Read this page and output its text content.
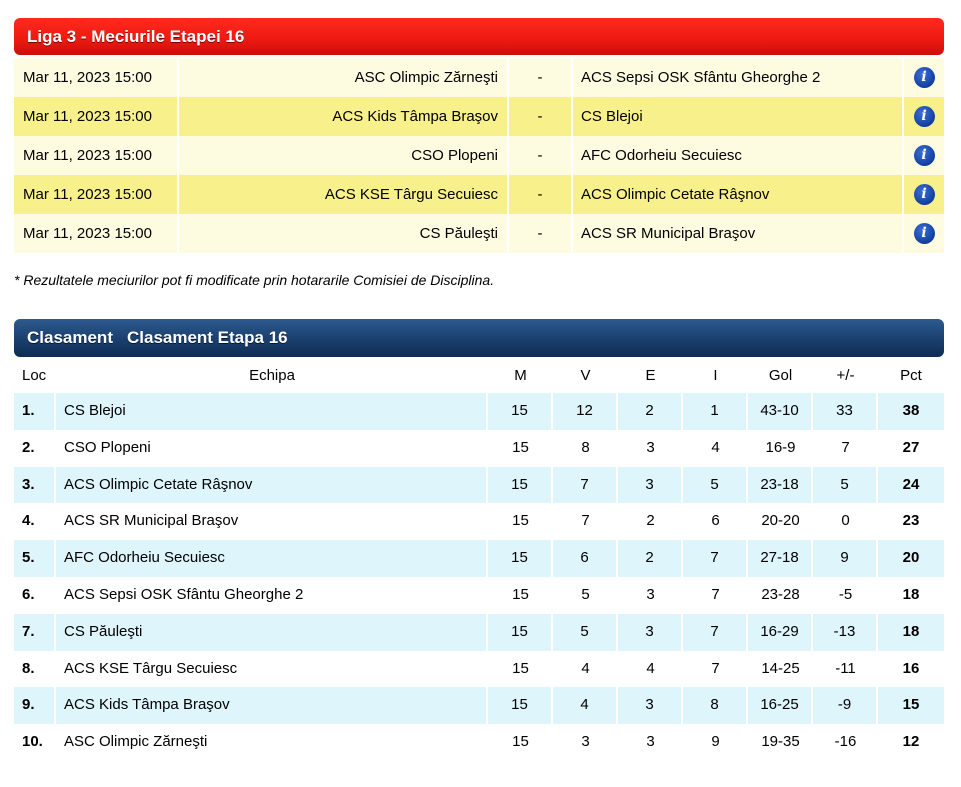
Liga 3 - Meciurile Etapei 16
Mar 11, 2023 15:00	ASC Olimpic Zărneşti	-	ACS Sepsi OSK Sfântu Gheorghe 2	i
Mar 11, 2023 15:00	ACS Kids Tâmpa Braşov	-	CS Blejoi	i
Mar 11, 2023 15:00	CSO Plopeni	-	AFC Odorheiu Secuiesc	i
Mar 11, 2023 15:00	ACS KSE Târgu Secuiesc	-	ACS Olimpic Cetate Râşnov	i
Mar 11, 2023 15:00	CS Păuleşti	-	ACS SR Municipal Braşov	i
* Rezultatele meciurilor pot fi modificate prin hotararile Comisiei de Disciplina.
Clasament Clasament Etapa 16
Loc	Echipa	M	V	E	I	Gol	+/-	Pct
1.	CS Blejoi	15	12	2	1	43-10	33	38
2.	CSO Plopeni	15	8	3	4	16-9	7	27
3.	ACS Olimpic Cetate Râşnov	15	7	3	5	23-18	5	24
4.	ACS SR Municipal Braşov	15	7	2	6	20-20	0	23
5.	AFC Odorheiu Secuiesc	15	6	2	7	27-18	9	20
6.	ACS Sepsi OSK Sfântu Gheorghe 2	15	5	3	7	23-28	-5	18
7.	CS Păuleşti	15	5	3	7	16-29	-13	18
8.	ACS KSE Târgu Secuiesc	15	4	4	7	14-25	-11	16
9.	ACS Kids Tâmpa Braşov	15	4	3	8	16-25	-9	15
10.	ASC Olimpic Zărneşti	15	3	3	9	19-35	-16	12
